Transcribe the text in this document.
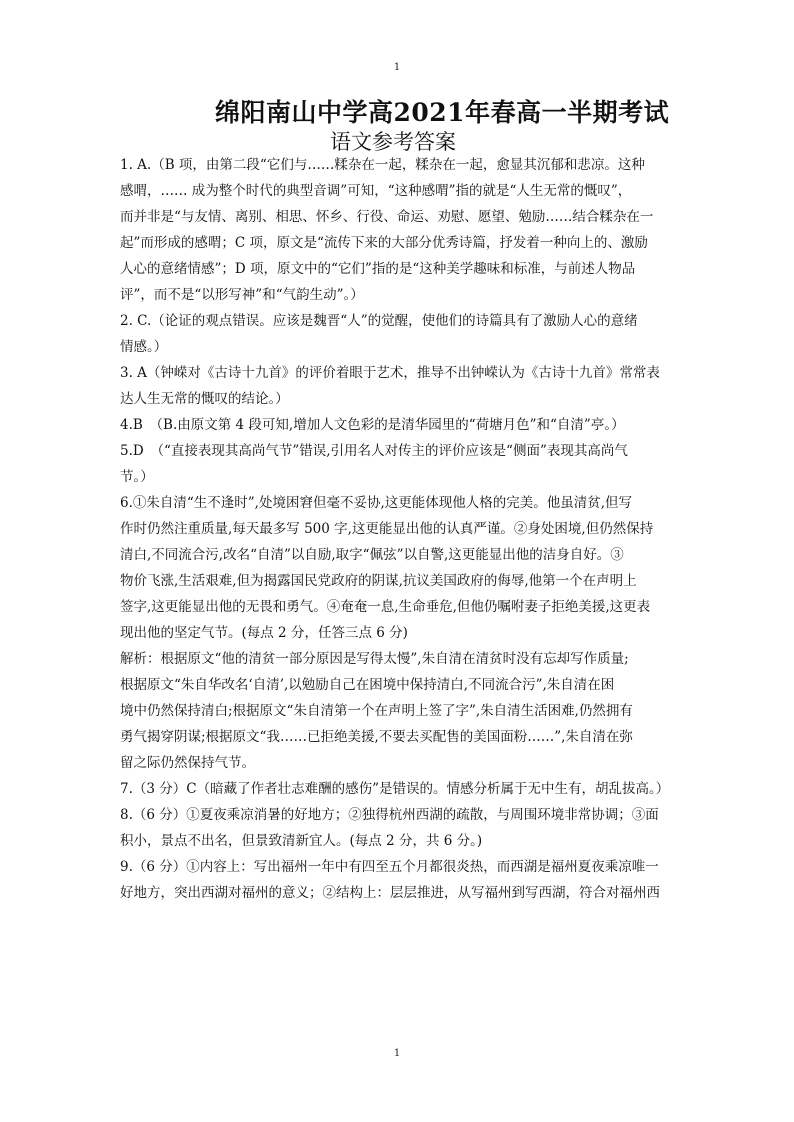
1
绵阳南山中学高2021年春高一半期考试
语文参考答案
1. A.（B 项，由第二段“它们与……糅杂在一起，糅杂在一起，愈显其沉郁和悲凉。这种
感喟，…… 成为整个时代的典型音调”可知，“这种感喟”指的就是“人生无常的慨叹”，
而并非是“与友情、离别、相思、怀乡、行役、命运、劝慰、愿望、勉励……结合糅杂在一
起”而形成的感喟；C 项，原文是“流传下来的大部分优秀诗篇，抒发着一种向上的、激励
人心的意绪情感”；D 项，原文中的“它们”指的是“这种美学趣味和标准，与前述人物品
评”，而不是“以形写神”和“气韵生动”。）
2. C.（论证的观点错误。应该是魏晋“人”的觉醒，使他们的诗篇具有了激励人心的意绪
情感。）
3. A（钟嵘对《古诗十九首》的评价着眼于艺术，推导不出钟嵘认为《古诗十九首》常常表
达人生无常的慨叹的结论。）
4.B　（B.由原文第 4 段可知,增加人文色彩的是清华园里的“荷塘月色”和“自清”亭。）
5.D　（“直接表现其高尚气节”错误,引用名人对传主的评价应该是“侧面”表现其高尚气
节。）
6.①朱自清“生不逢时”,处境困窘但毫不妥协,这更能体现他人格的完美。他虽清贫,但写
作时仍然注重质量,每天最多写 500 字,这更能显出他的认真严谨。②身处困境,但仍然保持
清白,不同流合污,改名“自清”以自励,取字“佩弦”以自警,这更能显出他的洁身自好。③
物价飞涨,生活艰难,但为揭露国民党政府的阴谋,抗议美国政府的侮辱,他第一个在声明上
签字,这更能显出他的无畏和勇气。④奄奄一息,生命垂危,但他仍嘱咐妻子拒绝美援,这更表
现出他的坚定气节。(每点 2 分，任答三点 6 分)
解析：根据原文“他的清贫一部分原因是写得太慢”,朱自清在清贫时没有忘却写作质量;
根据原文“朱自华改名‘自清’,以勉励自己在困境中保持清白,不同流合污”,朱自清在困
境中仍然保持清白;根据原文“朱自清第一个在声明上签了字”,朱自清生活困难,仍然拥有
勇气揭穿阴谋;根据原文“我……已拒绝美援,不要去买配售的美国面粉……”,朱自清在弥
留之际仍然保持气节。
7.（3 分）C（暗藏了作者壮志难酬的感伤”是错误的。情感分析属于无中生有，胡乱拔高。）
8.（6 分）①夏夜乘凉消暑的好地方；②独得杭州西湖的疏散，与周围环境非常协调；③面
积小，景点不出名，但景致清新宜人。(每点 2 分，共 6 分。)
9.（6 分）①内容上：写出福州一年中有四至五个月都很炎热，而西湖是福州夏夜乘凉唯一
好地方，突出西湖对福州的意义；②结构上：层层推进，从写福州到写西湖，符合对福州西
1
